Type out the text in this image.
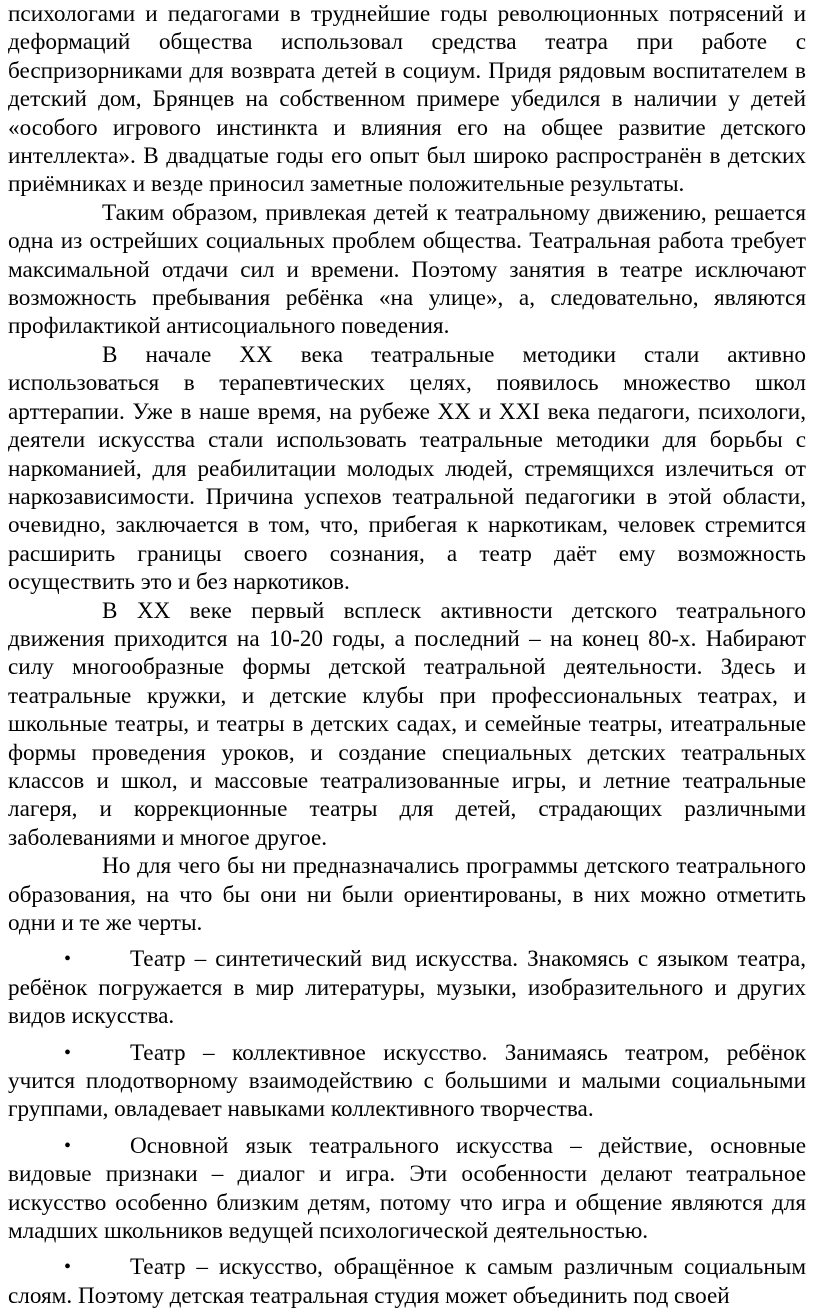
психологами и педагогами в труднейшие годы революционных потрясений и деформаций общества использовал средства театра при работе с беспризорниками для возврата детей в социум. Придя рядовым воспитателем в детский дом, Брянцев на собственном примере убедился в наличии у детей «особого игрового инстинкта и влияния его на общее развитие детского интеллекта». В двадцатые годы его опыт был широко распространён в детских приёмниках и везде приносил заметные положительные результаты.

Таким образом, привлекая детей к театральному движению, решается одна из острейших социальных проблем общества. Театральная работа требует максимальной отдачи сил и времени. Поэтому занятия в театре исключают возможность пребывания ребёнка «на улице», а, следовательно, являются профилактикой антисоциального поведения.

В начале XX века театральные методики стали активно использоваться в терапевтических целях, появилось множество школ арттерапии. Уже в наше время, на рубеже XX и XXI века педагоги, психологи, деятели искусства стали использовать театральные методики для борьбы с наркоманией, для реабилитации молодых людей, стремящихся излечиться от наркозависимости. Причина успехов театральной педагогики в этой области, очевидно, заключается в том, что, прибегая к наркотикам, человек стремится расширить границы своего сознания, а театр даёт ему возможность осуществить это и без наркотиков.

В XX веке первый всплеск активности детского театрального движения приходится на 10-20 годы, а последний – на конец 80-х. Набирают силу многообразные формы детской театральной деятельности. Здесь и театральные кружки, и детские клубы при профессиональных театрах, и школьные театры, и театры в детских садах, и семейные театры, итеатральные формы проведения уроков, и создание специальных детских театральных классов и школ, и массовые театрализованные игры, и летние театральные лагеря, и коррекционные театры для детей, страдающих различными заболеваниями и многое другое.

Но для чего бы ни предназначались программы детского театрального образования, на что бы они ни были ориентированы, в них можно отметить одни и те же черты.

•	Театр – синтетический вид искусства. Знакомясь с языком театра, ребёнок погружается в мир литературы, музыки, изобразительного и других видов искусства.
•	Театр – коллективное искусство. Занимаясь театром, ребёнок учится плодотворному взаимодействию с большими и малыми социальными группами, овладевает навыками коллективного творчества.
•	Основной язык театрального искусства – действие, основные видовые признаки – диалог и игра. Эти особенности делают театральное искусство особенно близким детям, потому что игра и общение являются для младших школьников ведущей психологической деятельностью.
•	Театр – искусство, обращённое к самым различным социальным слоям. Поэтому детская театральная студия может объединить под своей
